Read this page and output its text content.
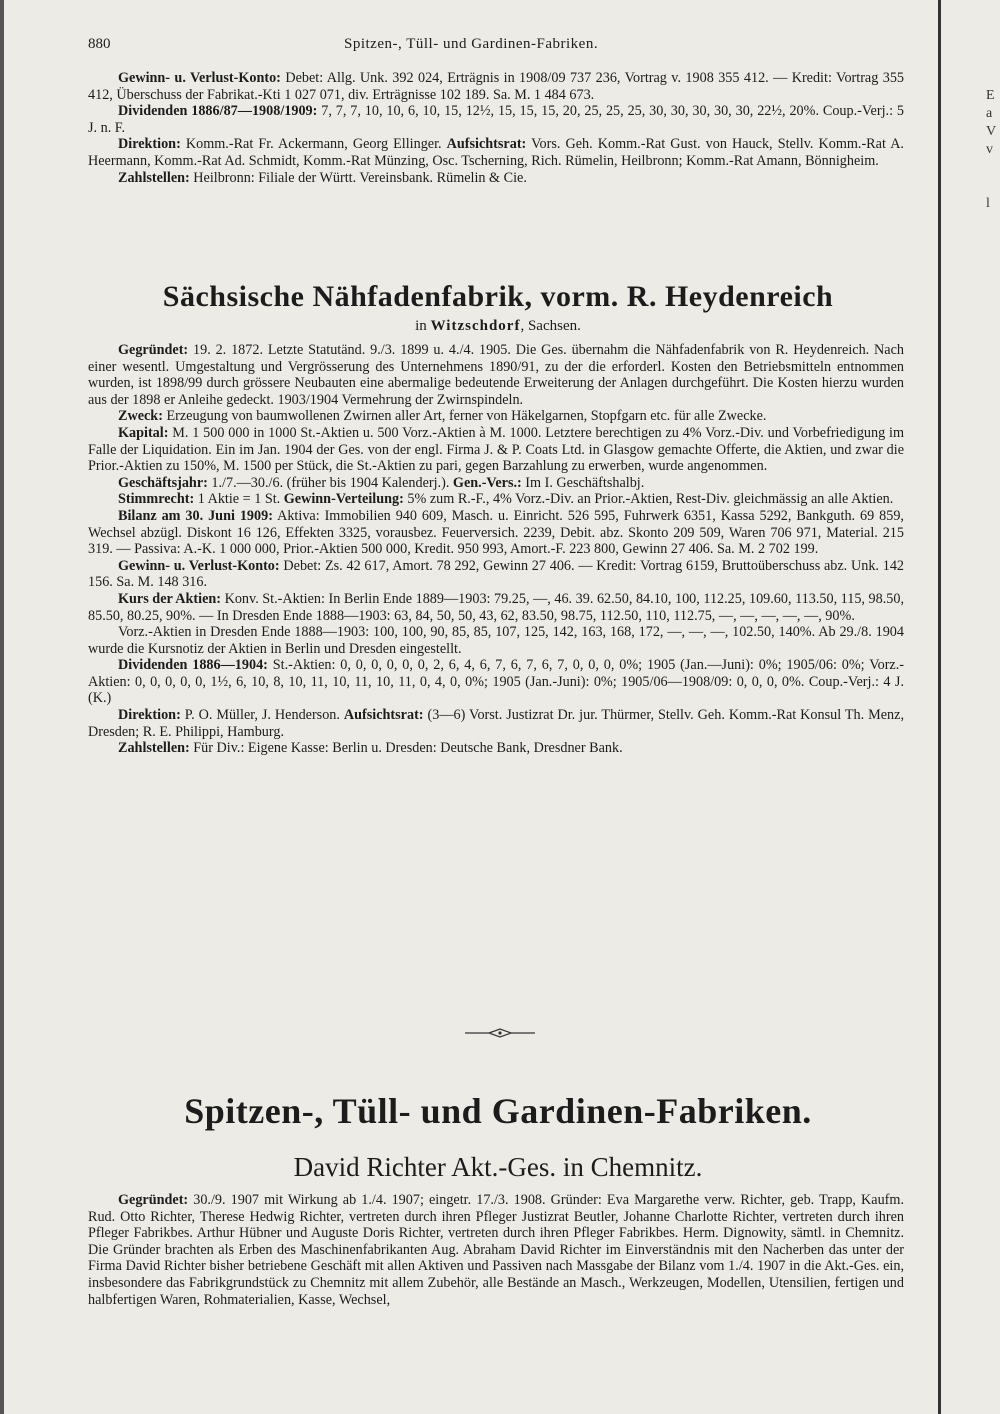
E
a
V
v
l
880	Spitzen-, Tüll- und Gardinen-Fabriken.

Gewinn- u. Verlust-Konto: Debet: Allg. Unk. 392 024, Erträgnis in 1908/09 737 236, Vortrag v. 1908 355 412. — Kredit: Vortrag 355 412, Überschuss der Fabrikat.-Kti 1 027 071, div. Erträgnisse 102 189. Sa. M. 1 484 673.

Dividenden 1886/87—1908/1909: 7, 7, 7, 10, 10, 6, 10, 15, 12½, 15, 15, 15, 20, 25, 25, 25, 30, 30, 30, 30, 30, 22½, 20%. Coup.-Verj.: 5 J. n. F.

Direktion: Komm.-Rat Fr. Ackermann, Georg Ellinger. Aufsichtsrat: Vors. Geh. Komm.-Rat Gust. von Hauck, Stellv. Komm.-Rat A. Heermann, Komm.-Rat Ad. Schmidt, Komm.-Rat Münzing, Osc. Tscherning, Rich. Rümelin, Heilbronn; Komm.-Rat Amann, Bönnigheim.

Zahlstellen: Heilbronn: Filiale der Württ. Vereinsbank. Rümelin & Cie.

Sächsische Nähfadenfabrik, vorm. R. Heydenreich
in Witzschdorf, Sachsen.

Gegründet: 19. 2. 1872. Letzte Statutänd. 9./3. 1899 u. 4./4. 1905. Die Ges. übernahm die Nähfadenfabrik von R. Heydenreich. Nach einer wesentl. Umgestaltung und Vergrösserung des Unternehmens 1890/91, zu der die erforderl. Kosten den Betriebsmitteln entnommen wurden, ist 1898/99 durch grössere Neubauten eine abermalige bedeutende Erweiterung der Anlagen durchgeführt. Die Kosten hierzu wurden aus der 1898 er Anleihe gedeckt. 1903/1904 Vermehrung der Zwirnspindeln.

Zweck: Erzeugung von baumwollenen Zwirnen aller Art, ferner von Häkelgarnen, Stopfgarn etc. für alle Zwecke.

Kapital: M. 1 500 000 in 1000 St.-Aktien u. 500 Vorz.-Aktien à M. 1000. Letztere berechtigen zu 4% Vorz.-Div. und Vorbefriedigung im Falle der Liquidation. Ein im Jan. 1904 der Ges. von der engl. Firma J. & P. Coats Ltd. in Glasgow gemachte Offerte, die Aktien, und zwar die Prior.-Aktien zu 150%, M. 1500 per Stück, die St.-Aktien zu pari, gegen Barzahlung zu erwerben, wurde angenommen.

Geschäftsjahr: 1./7.—30./6. (früher bis 1904 Kalenderj.). Gen.-Vers.: Im I. Geschäftshalbj.

Stimmrecht: 1 Aktie = 1 St. Gewinn-Verteilung: 5% zum R.-F., 4% Vorz.-Div. an Prior.-Aktien, Rest-Div. gleichmässig an alle Aktien.

Bilanz am 30. Juni 1909: Aktiva: Immobilien 940 609, Masch. u. Einricht. 526 595, Fuhrwerk 6351, Kassa 5292, Bankguth. 69 859, Wechsel abzügl. Diskont 16 126, Effekten 3325, vorausbez. Feuerversich. 2239, Debit. abz. Skonto 209 509, Waren 706 971, Material. 215 319. — Passiva: A.-K. 1 000 000, Prior.-Aktien 500 000, Kredit. 950 993, Amort.-F. 223 800, Gewinn 27 406. Sa. M. 2 702 199.

Gewinn- u. Verlust-Konto: Debet: Zs. 42 617, Amort. 78 292, Gewinn 27 406. — Kredit: Vortrag 6159, Bruttoüberschuss abz. Unk. 142 156. Sa. M. 148 316.

Kurs der Aktien: Konv. St.-Aktien: In Berlin Ende 1889—1903: 79.25, —, 46. 39. 62.50, 84.10, 100, 112.25, 109.60, 113.50, 115, 98.50, 85.50, 80.25, 90%. — In Dresden Ende 1888—1903: 63, 84, 50, 50, 43, 62, 83.50, 98.75, 112.50, 110, 112.75, —, —, —, —, —, 90%.

Vorz.-Aktien in Dresden Ende 1888—1903: 100, 100, 90, 85, 85, 107, 125, 142, 163, 168, 172, —, —, —, 102.50, 140%. Ab 29./8. 1904 wurde die Kursnotiz der Aktien in Berlin und Dresden eingestellt.

Dividenden 1886—1904: St.-Aktien: 0, 0, 0, 0, 0, 0, 2, 6, 4, 6, 7, 6, 7, 6, 7, 0, 0, 0, 0%; 1905 (Jan.—Juni): 0%; 1905/06: 0%; Vorz.-Aktien: 0, 0, 0, 0, 0, 1½, 6, 10, 8, 10, 11, 10, 11, 10, 11, 0, 4, 0, 0%; 1905 (Jan.-Juni): 0%; 1905/06—1908/09: 0, 0, 0, 0%. Coup.-Verj.: 4 J. (K.)

Direktion: P. O. Müller, J. Henderson. Aufsichtsrat: (3—6) Vorst. Justizrat Dr. jur. Thürmer, Stellv. Geh. Komm.-Rat Konsul Th. Menz, Dresden; R. E. Philippi, Hamburg.

Zahlstellen: Für Div.: Eigene Kasse: Berlin u. Dresden: Deutsche Bank, Dresdner Bank.

Spitzen-, Tüll- und Gardinen-Fabriken.
David Richter Akt.-Ges. in Chemnitz.

Gegründet: 30./9. 1907 mit Wirkung ab 1./4. 1907; eingetr. 17./3. 1908. Gründer: Eva Margarethe verw. Richter, geb. Trapp, Kaufm. Rud. Otto Richter, Therese Hedwig Richter, vertreten durch ihren Pfleger Justizrat Beutler, Johanne Charlotte Richter, vertreten durch ihren Pfleger Fabrikbes. Arthur Hübner und Auguste Doris Richter, vertreten durch ihren Pfleger Fabrikbes. Herm. Dignowity, sämtl. in Chemnitz. Die Gründer brachten als Erben des Maschinenfabrikanten Aug. Abraham David Richter im Einverständnis mit den Nacherben das unter der Firma David Richter bisher betriebene Geschäft mit allen Aktiven und Passiven nach Massgabe der Bilanz vom 1./4. 1907 in die Akt.-Ges. ein, insbesondere das Fabrikgrundstück zu Chemnitz mit allem Zubehör, alle Bestände an Masch., Werkzeugen, Modellen, Utensilien, fertigen und halbfertigen Waren, Rohmaterialien, Kasse, Wechsel,
